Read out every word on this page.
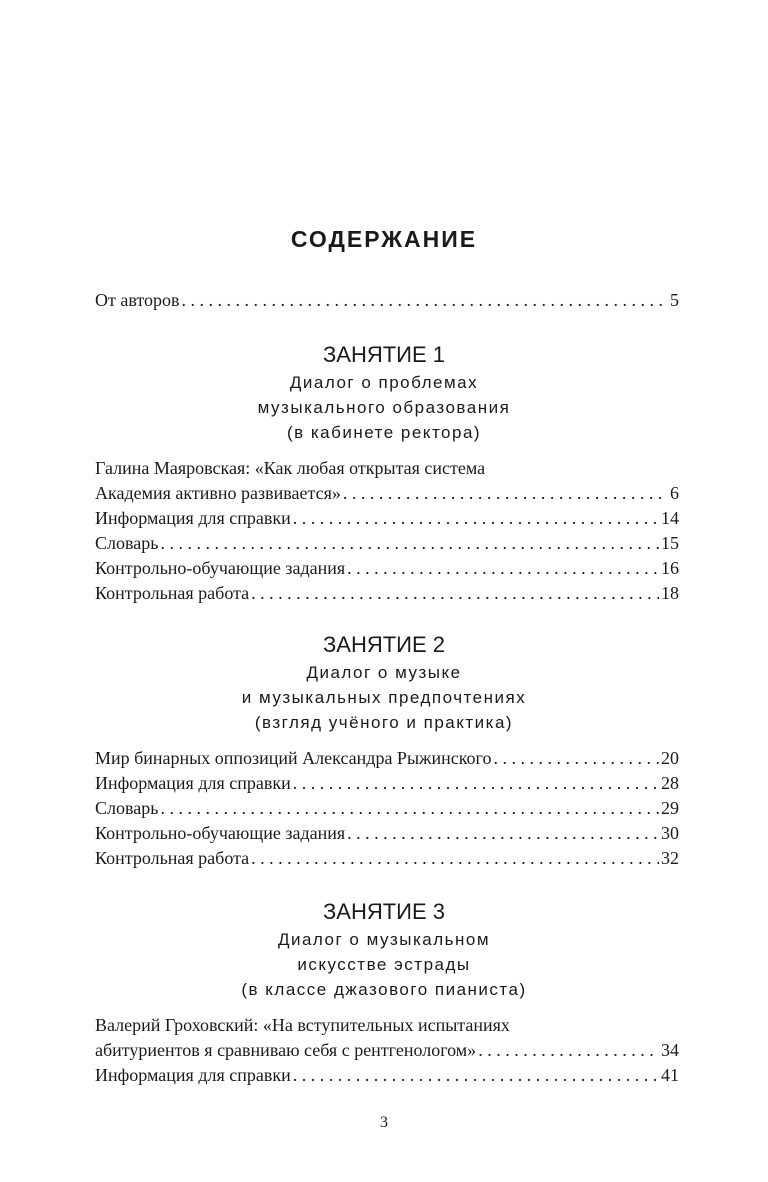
СОДЕРЖАНИЕ
От авторов . . .	5
ЗАНЯТИЕ 1
Диалог о проблемах
музыкального образования
(в кабинете ректора)
Галина Маяровская: «Как любая открытая система
Академия активно развивается» . . .	6
Информация для справки . . .	14
Словарь . . .	15
Контрольно-обучающие задания . . .	16
Контрольная работа . . .	18
ЗАНЯТИЕ 2
Диалог о музыке
и музыкальных предпочтениях
(взгляд учёного и практика)
Мир бинарных оппозиций Александра Рыжинского . . .	20
Информация для справки . . .	28
Словарь . . .	29
Контрольно-обучающие задания . . .	30
Контрольная работа . . .	32
ЗАНЯТИЕ 3
Диалог о музыкальном
искусстве эстрады
(в классе джазового пианиста)
Валерий Гроховский: «На вступительных испытаниях
абитуриентов я сравниваю себя с рентгенологом» . . .	34
Информация для справки . . .	41
3
